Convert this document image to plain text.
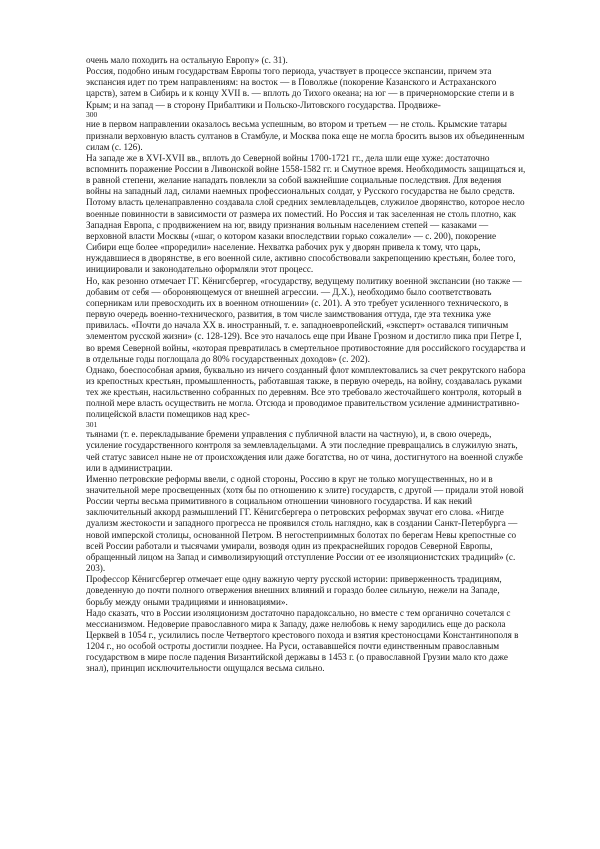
очень мало походить на остальную Европу» (с. 31).

Россия, подобно иным государствам Европы того периода, участвует в процессе экспансии, причем эта экспансия идет по трем направлениям: на восток — в Поволжье (покорение Казанского и Астраханского царств), затем в Сибирь и к концу XVII в. — вплоть до Тихого океана; на юг — в причерноморские степи и в Крым; и на запад — в сторону Прибалтики и Польско-Литовского государства. Продвиже-

300

ние в первом направлении оказалось весьма успешным, во втором и третьем — не столь. Крымские татары признали верховную власть султанов в Стамбуле, и Москва пока еще не могла бросить вызов их объединенным силам (с. 126).

На западе же в XVI-XVII вв., вплоть до Северной войны 1700-1721 гг., дела шли еще хуже: достаточно вспомнить поражение России в Ливонской войне 1558-1582 гг. и Смутное время. Необходимость защищаться и, в равной степени, желание нападать повлекли за собой важнейшие социальные последствия. Для ведения войны на западный лад, силами наемных профессиональных солдат, у Русского государства не было средств. Потому власть целенаправленно создавала слой средних землевладельцев, служилое дворянство, которое несло военные повинности в зависимости от размера их поместий. Но Россия и так заселенная не столь плотно, как Западная Европа, с продвижением на юг, ввиду признания вольным населением степей — казаками — верховной власти Москвы («шаг, о котором казаки впоследствии горько сожалели» — с. 200), покорение Сибири еще более «проредили» население. Нехватка рабочих рук у дворян привела к тому, что царь, нуждавшиеся в дворянстве, в его военной силе, активно способствовали закрепощению крестьян, более того, инициировали и законодательно оформляли этот процесс.

Но, как резонно отмечает ГГ. Кёнигсбергер, «государству, ведущему политику военной экспансии (но также — добавим от себя — обороняющемуся от внешней агрессии. — Д.Х.), необходимо было соответствовать соперникам или превосходить их в военном отношении» (с. 201). А это требует усиленного технического, в первую очередь военно-технического, развития, в том числе заимствования оттуда, где эта техника уже привилась. «Почти до начала XX в. иностранный, т. е. западноевропейский, «эксперт» оставался типичным элементом русской жизни» (с. 128-129). Все это началось еще при Иване Грозном и достигло пика при Петре I, во время Северной войны, «которая превратилась в смертельное противостояние для российского государства и в отдельные годы поглощала до 80% государственных доходов» (с. 202).

Однако, боеспособная армия, буквально из ничего созданный флот комплектовались за счет рекрутского набора из крепостных крестьян, промышленность, работавшая также, в первую очередь, на войну, создавалась руками тех же крестьян, насильственно собранных по деревням. Все это требовало жесточайшего контроля, который в полной мере власть осуществить не могла. Отсюда и проводимое правительством усиление административно-полицейской власти помещиков над крес-

301

тьянами (т. е. перекладывание бремени управления с публичной власти на частную), и, в свою очередь, усиление государственного контроля за землевладельцами. А эти последние превращались в служилую знать, чей статус зависел ныне не от происхождения или даже богатства, но от чина, достигнутого на военной службе или в администрации.

Именно петровские реформы ввели, с одной стороны, Россию в круг не только могущественных, но и в значительной мере просвещенных (хотя бы по отношению к элите) государств, с другой — придали этой новой России черты весьма примитивного в социальном отношении чиновного государства. И как некий заключительный аккорд размышлений ГГ. Кёнигсбергера о петровских реформах звучат его слова. «Нигде дуализм жестокости и западного прогресса не проявился столь наглядно, как в создании Санкт-Петербурга — новой имперской столицы, основанной Петром. В негостеприимных болотах по берегам Невы крепостные со всей России работали и тысячами умирали, возводя один из прекраснейших городов Северной Европы, обращенный лицом на Запад и символизирующий отступление России от ее изоляционистских традиций» (с. 203).

Профессор Кёнигсбергер отмечает еще одну важную черту русской истории: приверженность традициям, доведенную до почти полного отвержения внешних влияний и гораздо более сильную, нежели на Западе, борьбу между оными традициями и инновациями».

Надо сказать, что в России изоляционизм достаточно парадоксально, но вместе с тем органично сочетался с мессианизмом. Недоверие православного мира к Западу, даже нелюбовь к нему зародились еще до раскола Церквей в 1054 г., усилились после Четвертого крестового похода и взятия крестоносцами Константинополя в 1204 г., но особой остроты достигли позднее. На Руси, остававшейся почти единственным православным государством в мире после падения Византийской державы в 1453 г. (о православной Грузии мало кто даже знал), принцип исключительности ощущался весьма сильно.
